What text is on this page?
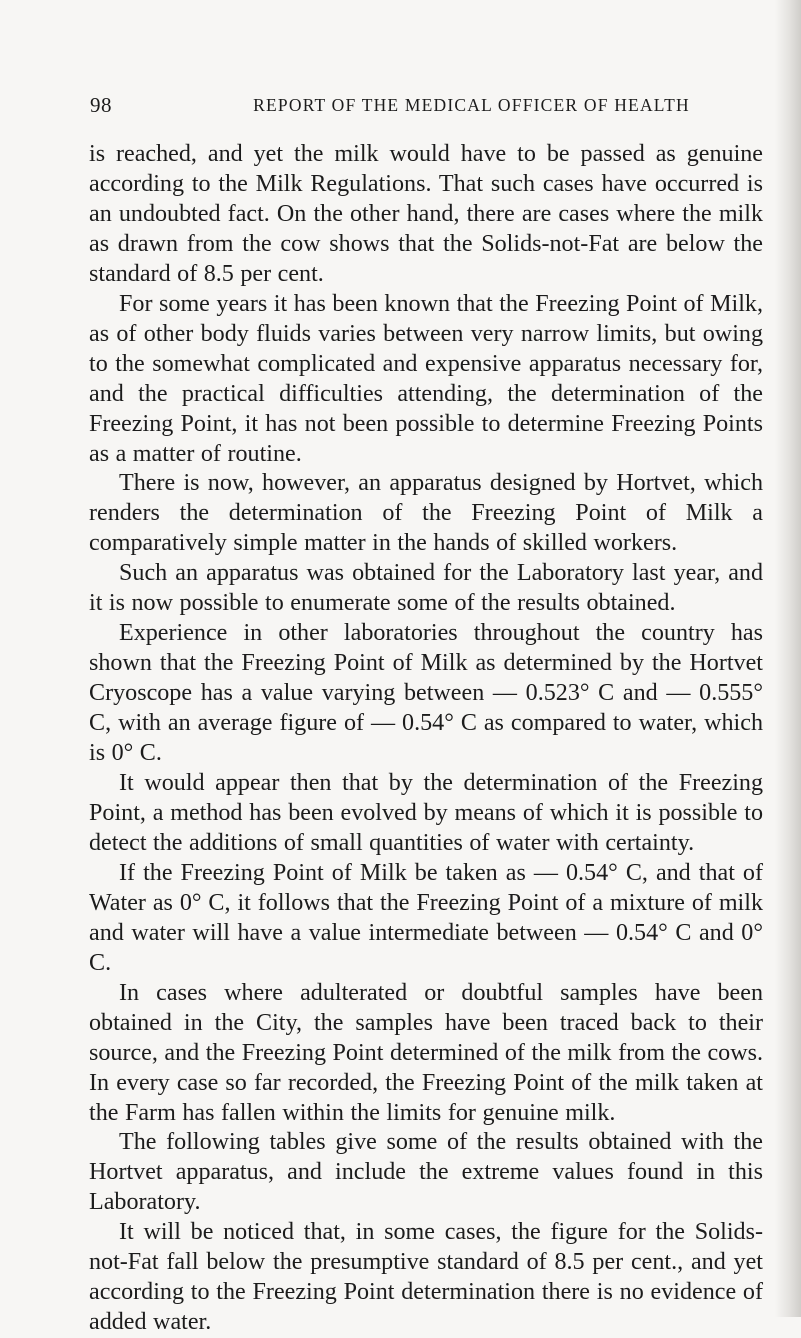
98	REPORT OF THE MEDICAL OFFICER OF HEALTH

is reached, and yet the milk would have to be passed as genuine according to the Milk Regulations. That such cases have occurred is an undoubted fact. On the other hand, there are cases where the milk as drawn from the cow shows that the Solids-not-Fat are below the standard of 8.5 per cent.

For some years it has been known that the Freezing Point of Milk, as of other body fluids varies between very narrow limits, but owing to the somewhat complicated and expensive apparatus necessary for, and the practical difficulties attending, the determination of the Freezing Point, it has not been possible to determine Freezing Points as a matter of routine.

There is now, however, an apparatus designed by Hortvet, which renders the determination of the Freezing Point of Milk a comparatively simple matter in the hands of skilled workers.

Such an apparatus was obtained for the Laboratory last year, and it is now possible to enumerate some of the results obtained.

Experience in other laboratories throughout the country has shown that the Freezing Point of Milk as determined by the Hortvet Cryoscope has a value varying between — 0.523° C and — 0.555° C, with an average figure of — 0.54° C as compared to water, which is 0° C.

It would appear then that by the determination of the Freezing Point, a method has been evolved by means of which it is possible to detect the additions of small quantities of water with certainty.

If the Freezing Point of Milk be taken as — 0.54° C, and that of Water as 0° C, it follows that the Freezing Point of a mixture of milk and water will have a value intermediate between — 0.54° C and 0° C.

In cases where adulterated or doubtful samples have been obtained in the City, the samples have been traced back to their source, and the Freezing Point determined of the milk from the cows. In every case so far recorded, the Freezing Point of the milk taken at the Farm has fallen within the limits for genuine milk.

The following tables give some of the results obtained with the Hortvet apparatus, and include the extreme values found in this Laboratory.

It will be noticed that, in some cases, the figure for the Solids-not-Fat fall below the presumptive standard of 8.5 per cent., and yet according to the Freezing Point determination there is no evidence of added water.
